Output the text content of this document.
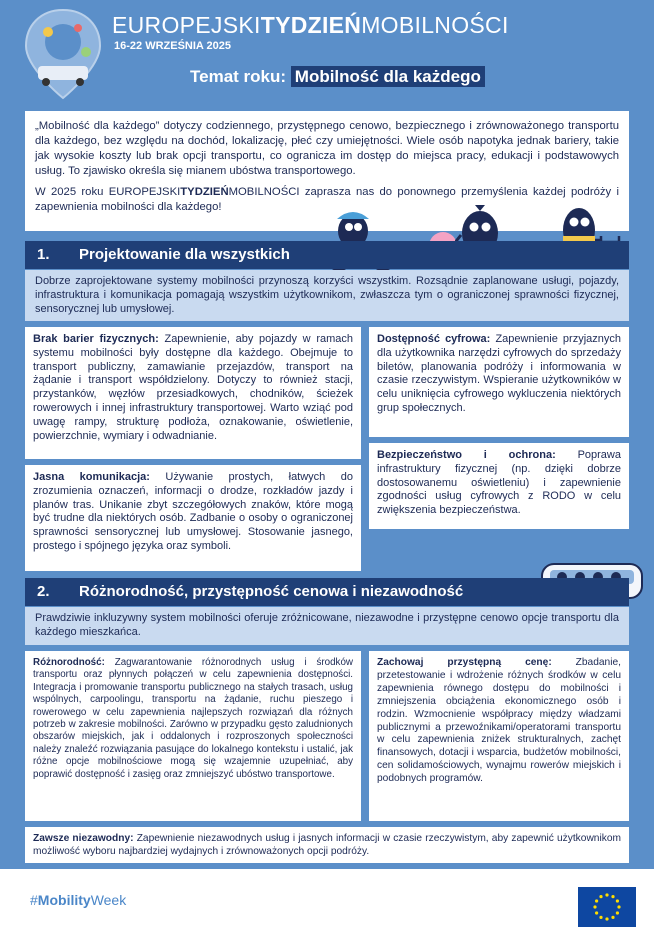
EUROPEJSKITYDZIEŃMOBILNOŚCI
16-22 WRZEŚNIA 2025
Temat roku: Mobilność dla każdego

„Mobilność dla każdego” dotyczy codziennego, przystępnego cenowo, bezpiecznego i zrównoważonego transportu dla każdego, bez względu na dochód, lokalizację, płeć czy umiejętności. Wiele osób napotyka jednak bariery, takie jak wysokie koszty lub brak opcji transportu, co ogranicza im dostęp do miejsca pracy, edukacji i podstawowych usług. To zjawisko określa się mianem ubóstwa transportowego.

W 2025 roku EUROPEJSKITYDZIEŃMOBILNOŚCI zaprasza nas do ponownego przemyślenia każdej podróży i zapewnienia mobilności dla każdego!

1. Projektowanie dla wszystkich
Dobrze zaprojektowane systemy mobilności przynoszą korzyści wszystkim. Rozsądnie zaplanowane usługi, pojazdy, infrastruktura i komunikacja pomagają wszystkim użytkownikom, zwłaszcza tym o ograniczonej sprawności fizycznej, sensorycznej lub umysłowej.
Brak barier fizycznych: Zapewnienie, aby pojazdy w ramach systemu mobilności były dostępne dla każdego. Obejmuje to transport publiczny, zamawianie przejazdów, transport na żądanie i transport współdzielony. Dotyczy to również stacji, przystanków, węzłów przesiadkowych, chodników, ścieżek rowerowych i innej infrastruktury transportowej. Warto wziąć pod uwagę rampy, strukturę podłoża, oznakowanie, oświetlenie, powierzchnie, wymiary i odwadnianie.
Dostępność cyfrowa: Zapewnienie przyjaznych dla użytkownika narzędzi cyfrowych do sprzedaży biletów, planowania podróży i informowania w czasie rzeczywistym. Wspieranie użytkowników w celu uniknięcia cyfrowego wykluczenia niektórych grup społecznych.
Jasna komunikacja: Używanie prostych, łatwych do zrozumienia oznaczeń, informacji o drodze, rozkładów jazdy i planów tras. Unikanie zbyt szczegółowych znaków, które mogą być trudne dla niektórych osób. Zadbanie o osoby o ograniczonej sprawności sensorycznej lub umysłowej. Stosowanie jasnego, prostego i spójnego języka oraz symboli.
Bezpieczeństwo i ochrona: Poprawa infrastruktury fizycznej (np. dzięki dobrze dostosowanemu oświetleniu) i zapewnienie zgodności usług cyfrowych z RODO w celu zwiększenia bezpieczeństwa.
2. Różnorodność, przystępność cenowa i niezawodność
Prawdziwie inkluzywny system mobilności oferuje zróżnicowane, niezawodne i przystępne cenowo opcje transportu dla każdego mieszkańca.
Różnorodność: Zagwarantowanie różnorodnych usług i środków transportu oraz płynnych połączeń w celu zapewnienia dostępności. Integracja i promowanie transportu publicznego na stałych trasach, usług wspólnych, carpoolingu, transportu na żądanie, ruchu pieszego i rowerowego w celu zapewnienia najlepszych rozwiązań dla różnych potrzeb w zakresie mobilności. Zarówno w przypadku gęsto zaludnionych obszarów miejskich, jak i oddalonych i rozproszonych społeczności należy znaleźć rozwiązania pasujące do lokalnego kontekstu i ustalić, jak różne opcje mobilnościowe mogą się wzajemnie uzupełniać, aby poprawić dostępność i zasięg oraz zmniejszyć ubóstwo transportowe.
Zachowaj przystępną cenę: Zbadanie, przetestowanie i wdrożenie różnych środków w celu zapewnienia równego dostępu do mobilności i zmniejszenia obciążenia ekonomicznego osób i rodzin. Wzmocnienie współpracy między władzami publicznymi a przewoźnikami/operatorami transportu w celu zapewnienia zniżek strukturalnych, zachęt finansowych, dotacji i wsparcia, budżetów mobilności, cen solidamościowych, wynajmu rowerów miejskich i podobnych programów.
Zawsze niezawodny: Zapewnienie niezawodnych usług i jasnych informacji w czasie rzeczywistym, aby zapewnić użytkownikom możliwość wyboru najbardziej wydajnych i zrównoważonych opcji podróży.
#MobilityWeek
